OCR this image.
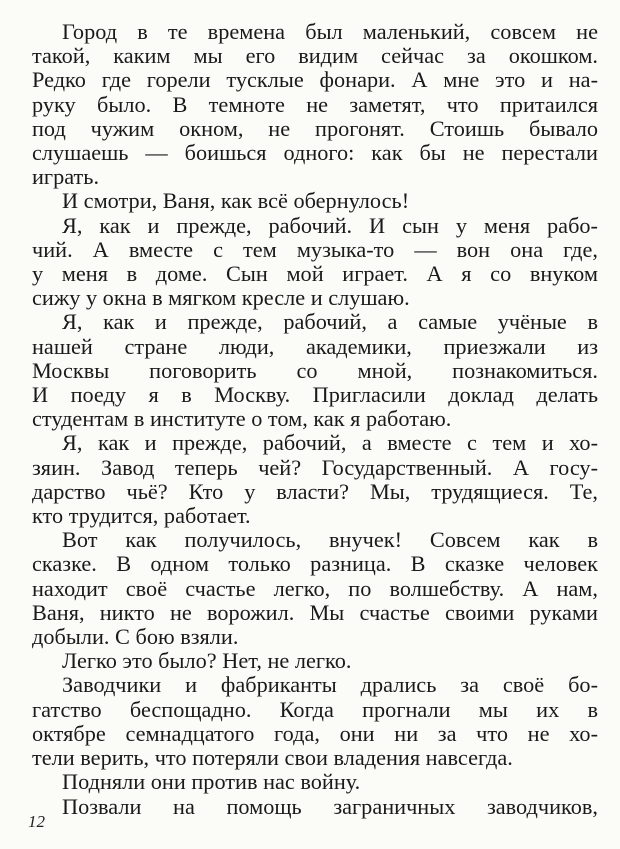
Город в те времена был маленький, совсем не
такой, каким мы его видим сейчас за окошком.
Редко где горели тусклые фонари. А мне это и на-
руку было. В темноте не заметят, что притаился
под чужим окном, не прогонят. Стоишь бывало
слушаешь — боишься одного: как бы не перестали
играть.

И смотри, Ваня, как всё обернулось!

Я, как и прежде, рабочий. И сын у меня рабо-
чий. А вместе с тем музыка-то — вон она где,
у меня в доме. Сын мой играет. А я со внуком
сижу у окна в мягком кресле и слушаю.

Я, как и прежде, рабочий, а самые учёные в
нашей стране люди, академики, приезжали из
Москвы поговорить со мной, познакомиться.
И поеду я в Москву. Пригласили доклад делать
студентам в институте о том, как я работаю.

Я, как и прежде, рабочий, а вместе с тем и хо-
зяин. Завод теперь чей? Государственный. А госу-
дарство чьё? Кто у власти? Мы, трудящиеся. Те,
кто трудится, работает.

Вот как получилось, внучек! Совсем как в
сказке. В одном только разница. В сказке человек
находит своё счастье легко, по волшебству. А нам,
Ваня, никто не ворожил. Мы счастье своими руками
добыли. С бою взяли.

Легко это было? Нет, не легко.

Заводчики и фабриканты дрались за своё бо-
гатство беспощадно. Когда прогнали мы их в
октябре семнадцатого года, они ни за что не хо-
тели верить, что потеряли свои владения навсегда.

Подняли они против нас войну.

Позвали на помощь заграничных заводчиков,

12
